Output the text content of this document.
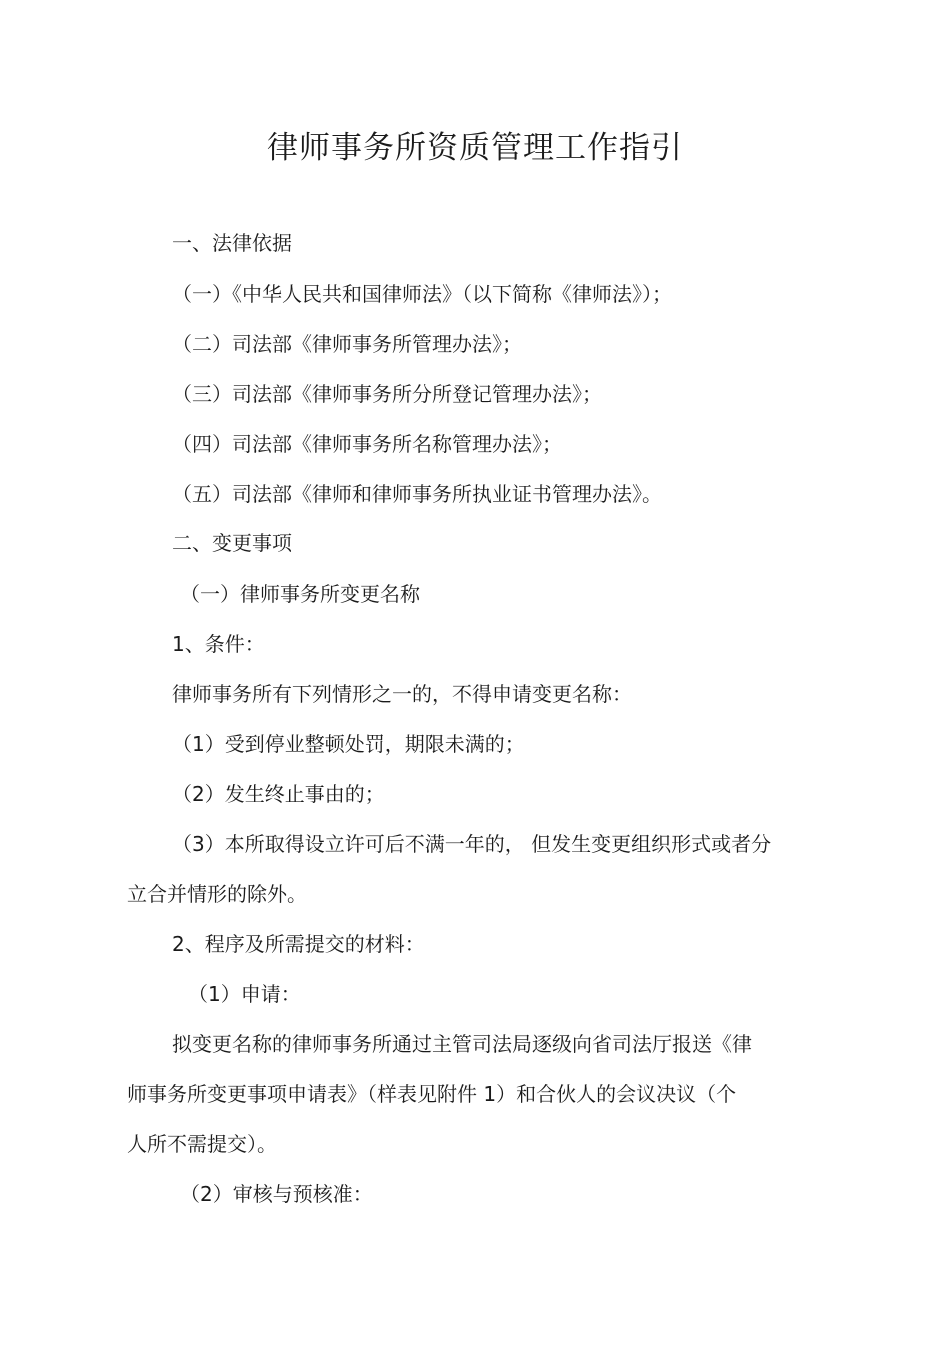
律师事务所资质管理工作指引
一、法律依据
（一）《中华人民共和国律师法》（以下简称《律师法》）；
（二）司法部《律师事务所管理办法》；
（三）司法部《律师事务所分所登记管理办法》；
（四）司法部《律师事务所名称管理办法》；
（五）司法部《律师和律师事务所执业证书管理办法》。
二、变更事项
（一）律师事务所变更名称
1、条件：
律师事务所有下列情形之一的，不得申请变更名称：
（1）受到停业整顿处罚，期限未满的；
（2）发生终止事由的；
（3）本所取得设立许可后不满一年的， 但发生变更组织形式或者分
立合并情形的除外。
2、程序及所需提交的材料：
（1）申请：
拟变更名称的律师事务所通过主管司法局逐级向省司法厅报送《律
师事务所变更事项申请表》（样表见附件 1）和合伙人的会议决议（个
人所不需提交）。
（2）审核与预核准：
